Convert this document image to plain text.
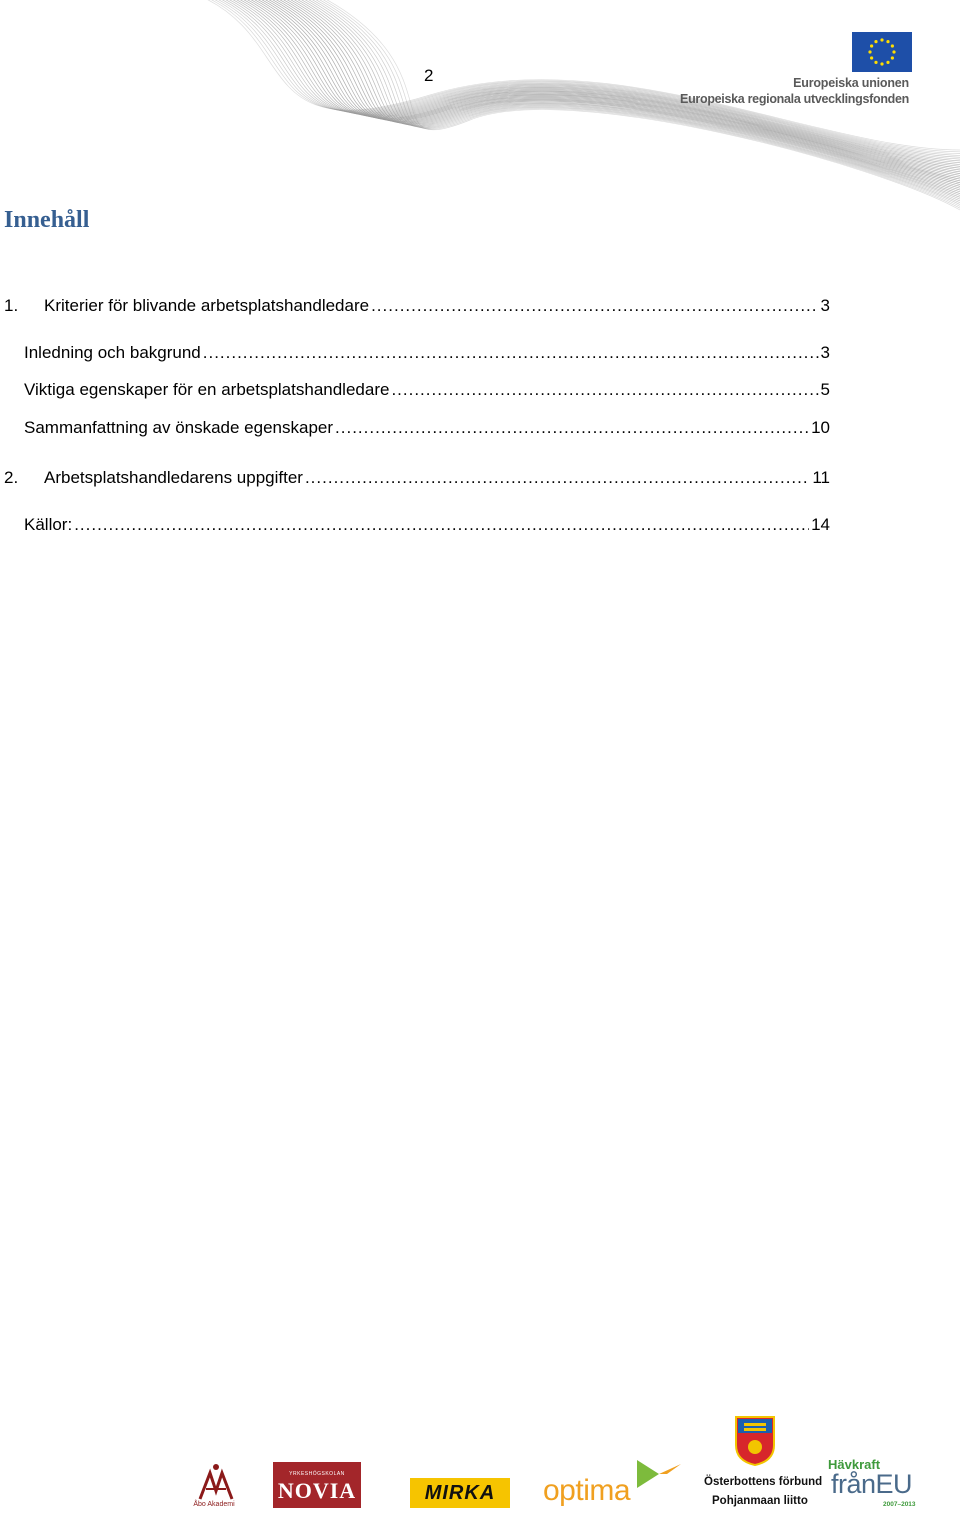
2	Europeiska unionen
Europeiska regionala utvecklingsfonden
Innehåll
1.	Kriterier för blivande arbetsplatshandledare .....	3
Inledning och bakgrund .....	3
Viktiga egenskaper för en arbetsplatshandledare .....	5
Sammanfattning av önskade egenskaper .....	10
2.	Arbetsplatshandledarens uppgifter .....	11
Källor: .....	14
Åbo Akademi
YRKESHÖGSKOLAN
NOVIA	MIRKA optima	Österbottens förbund
Pohjanmaan liitto
Hävkraft
frånEU
2007–2013
